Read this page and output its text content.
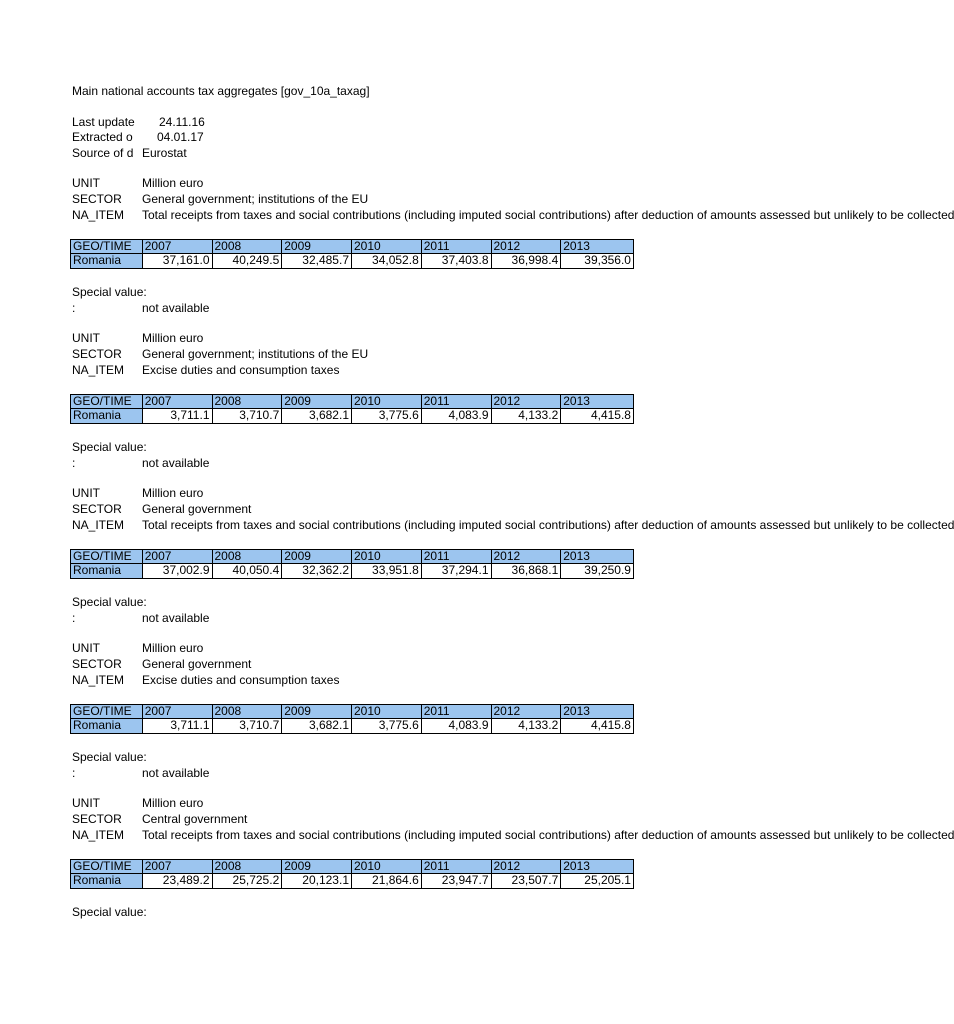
Main national accounts tax aggregates [gov_10a_taxag]
Last update 24.11.16
Extracted o 04.01.17
Source of d Eurostat
UNIT	Million euro
SECTOR General government; institutions of the EU
NA_ITEM Total receipts from taxes and social contributions (including imputed social contributions) after deduction of amounts assessed but unlikely to be collected
GEO/TIME	2007	2008	2009	2010	2011	2012	2013
Romania	37,161.0	40,249.5	32,485.7	34,052.8	37,403.8	36,998.4	39,356.0
Special value:
:	not available
UNIT	Million euro
SECTOR General government; institutions of the EU
NA_ITEM Excise duties and consumption taxes
GEO/TIME	2007	2008	2009	2010	2011	2012	2013
Romania	3,711.1	3,710.7	3,682.1	3,775.6	4,083.9	4,133.2	4,415.8
Special value:
:	not available
UNIT	Million euro
SECTOR General government
NA_ITEM Total receipts from taxes and social contributions (including imputed social contributions) after deduction of amounts assessed but unlikely to be collected
GEO/TIME	2007	2008	2009	2010	2011	2012	2013
Romania	37,002.9	40,050.4	32,362.2	33,951.8	37,294.1	36,868.1	39,250.9
Special value:
:	not available
UNIT	Million euro
SECTOR General government
NA_ITEM Excise duties and consumption taxes
GEO/TIME	2007	2008	2009	2010	2011	2012	2013
Romania	3,711.1	3,710.7	3,682.1	3,775.6	4,083.9	4,133.2	4,415.8
Special value:
:	not available
UNIT	Million euro
SECTOR Central government
NA_ITEM Total receipts from taxes and social contributions (including imputed social contributions) after deduction of amounts assessed but unlikely to be collected
GEO/TIME	2007	2008	2009	2010	2011	2012	2013
Romania	23,489.2	25,725.2	20,123.1	21,864.6	23,947.7	23,507.7	25,205.1
Special value:
